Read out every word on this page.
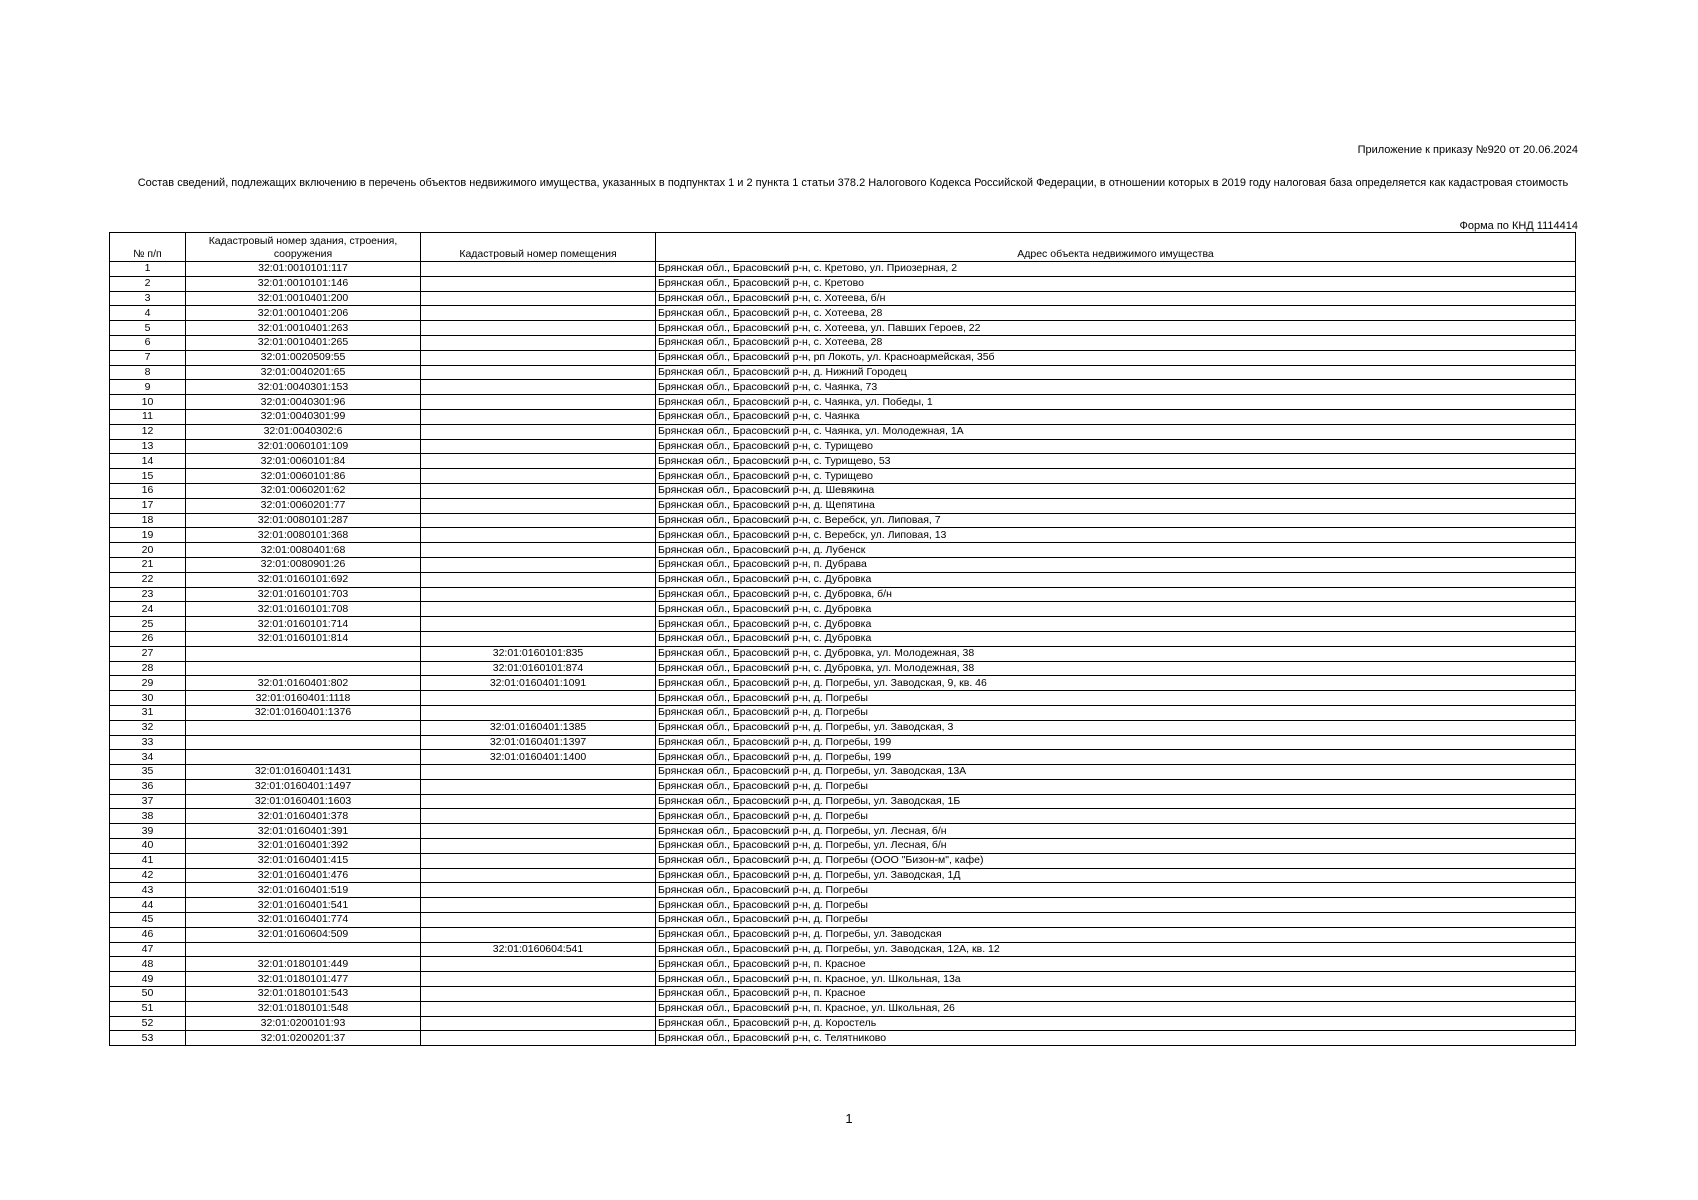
Приложение к приказу №920 от 20.06.2024
Состав сведений, подлежащих включению в перечень объектов недвижимого имущества, указанных в подпунктах 1 и 2 пункта 1 статьи 378.2 Налогового Кодекса Российской Федерации, в отношении которых в 2019 году налоговая база определяется как кадастровая стоимость
Форма по КНД 1114414
№ п/п	Кадастровый номер здания, строения, сооружения	Кадастровый номер помещения	Адрес объекта недвижимого имущества
1	32:01:0010101:117		Брянская обл., Брасовский р-н, с. Кретово, ул. Приозерная, 2
2	32:01:0010101:146		Брянская обл., Брасовский р-н, с. Кретово
3	32:01:0010401:200		Брянская обл., Брасовский р-н, с. Хотеева, б/н
4	32:01:0010401:206		Брянская обл., Брасовский р-н, с. Хотеева, 28
5	32:01:0010401:263		Брянская обл., Брасовский р-н, с. Хотеева, ул. Павших Героев, 22
6	32:01:0010401:265		Брянская обл., Брасовский р-н, с. Хотеева, 28
7	32:01:0020509:55		Брянская обл., Брасовский р-н, рп Локоть, ул. Красноармейская, 35б
8	32:01:0040201:65		Брянская обл., Брасовский р-н, д. Нижний Городец
9	32:01:0040301:153		Брянская обл., Брасовский р-н, с. Чаянка, 73
10	32:01:0040301:96		Брянская обл., Брасовский р-н, с. Чаянка, ул. Победы, 1
11	32:01:0040301:99		Брянская обл., Брасовский р-н, с. Чаянка
12	32:01:0040302:6		Брянская обл., Брасовский р-н, с. Чаянка, ул. Молодежная, 1А
13	32:01:0060101:109		Брянская обл., Брасовский р-н, с. Турищево
14	32:01:0060101:84		Брянская обл., Брасовский р-н, с. Турищево, 53
15	32:01:0060101:86		Брянская обл., Брасовский р-н, с. Турищево
16	32:01:0060201:62		Брянская обл., Брасовский р-н, д. Шевякина
17	32:01:0060201:77		Брянская обл., Брасовский р-н, д. Щепятина
18	32:01:0080101:287		Брянская обл., Брасовский р-н, с. Веребск, ул. Липовая, 7
19	32:01:0080101:368		Брянская обл., Брасовский р-н, с. Веребск, ул. Липовая, 13
20	32:01:0080401:68		Брянская обл., Брасовский р-н, д. Лубенск
21	32:01:0080901:26		Брянская обл., Брасовский р-н, п. Дубрава
22	32:01:0160101:692		Брянская обл., Брасовский р-н, с. Дубровка
23	32:01:0160101:703		Брянская обл., Брасовский р-н, с. Дубровка, б/н
24	32:01:0160101:708		Брянская обл., Брасовский р-н, с. Дубровка
25	32:01:0160101:714		Брянская обл., Брасовский р-н, с. Дубровка
26	32:01:0160101:814		Брянская обл., Брасовский р-н, с. Дубровка
27		32:01:0160101:835	Брянская обл., Брасовский р-н, с. Дубровка, ул. Молодежная, 38
28		32:01:0160101:874	Брянская обл., Брасовский р-н, с. Дубровка, ул. Молодежная, 38
29	32:01:0160401:802	32:01:0160401:1091	Брянская обл., Брасовский р-н, д. Погребы, ул. Заводская, 9, кв. 46
30	32:01:0160401:1118		Брянская обл., Брасовский р-н, д. Погребы
31	32:01:0160401:1376		Брянская обл., Брасовский р-н, д. Погребы
32		32:01:0160401:1385	Брянская обл., Брасовский р-н, д. Погребы, ул. Заводская, 3
33		32:01:0160401:1397	Брянская обл., Брасовский р-н, д. Погребы, 199
34		32:01:0160401:1400	Брянская обл., Брасовский р-н, д. Погребы, 199
35	32:01:0160401:1431		Брянская обл., Брасовский р-н, д. Погребы, ул. Заводская, 13А
36	32:01:0160401:1497		Брянская обл., Брасовский р-н, д. Погребы
37	32:01:0160401:1603		Брянская обл., Брасовский р-н, д. Погребы, ул. Заводская, 1Б
38	32:01:0160401:378		Брянская обл., Брасовский р-н, д. Погребы
39	32:01:0160401:391		Брянская обл., Брасовский р-н, д. Погребы, ул. Лесная, б/н
40	32:01:0160401:392		Брянская обл., Брасовский р-н, д. Погребы, ул. Лесная, б/н
41	32:01:0160401:415		Брянская обл., Брасовский р-н, д. Погребы (ООО "Бизон-м", кафе)
42	32:01:0160401:476		Брянская обл., Брасовский р-н, д. Погребы, ул. Заводская, 1Д
43	32:01:0160401:519		Брянская обл., Брасовский р-н, д. Погребы
44	32:01:0160401:541		Брянская обл., Брасовский р-н, д. Погребы
45	32:01:0160401:774		Брянская обл., Брасовский р-н, д. Погребы
46	32:01:0160604:509		Брянская обл., Брасовский р-н, д. Погребы, ул. Заводская
47		32:01:0160604:541	Брянская обл., Брасовский р-н, д. Погребы, ул. Заводская, 12А, кв. 12
48	32:01:0180101:449		Брянская обл., Брасовский р-н, п. Красное
49	32:01:0180101:477		Брянская обл., Брасовский р-н, п. Красное, ул. Школьная, 13а
50	32:01:0180101:543		Брянская обл., Брасовский р-н, п. Красное
51	32:01:0180101:548		Брянская обл., Брасовский р-н, п. Красное, ул. Школьная, 26
52	32:01:0200101:93		Брянская обл., Брасовский р-н, д. Коростель
53	32:01:0200201:37		Брянская обл., Брасовский р-н, с. Телятниково
1
